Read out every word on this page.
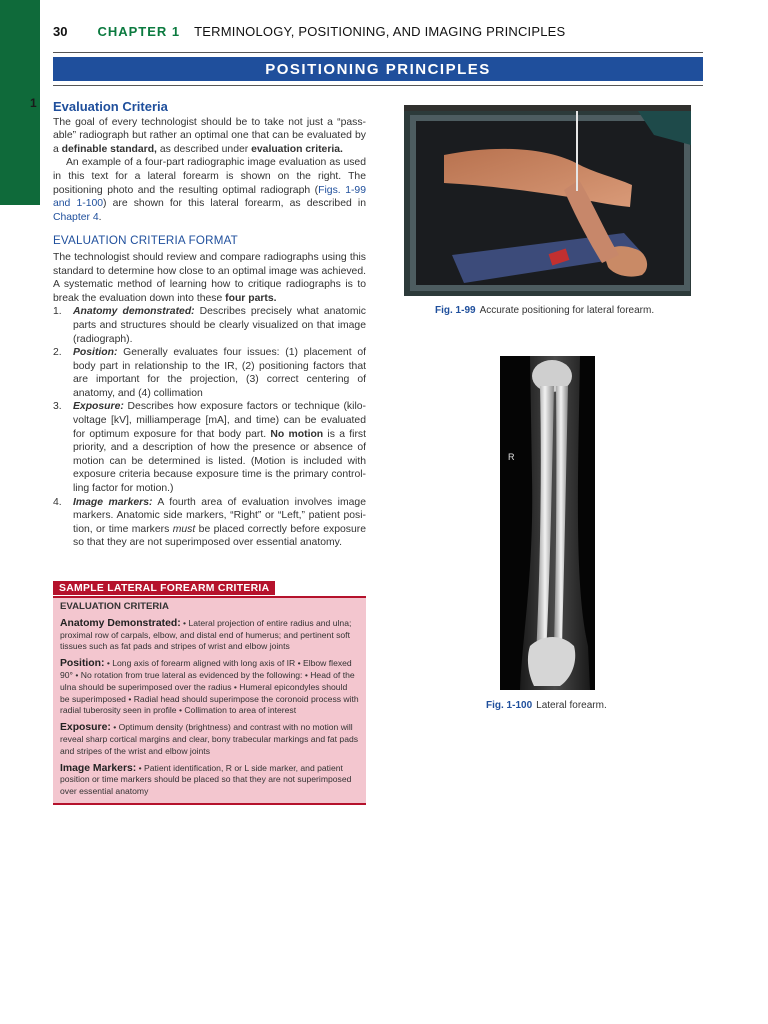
1
30 CHAPTER 1 TERMINOLOGY, POSITIONING, AND IMAGING PRINCIPLES
POSITIONING PRINCIPLES
Evaluation Criteria

The goal of every technologist should be to take not just a “pass-able” radiograph but rather an optimal one that can be evaluated by a definable standard, as described under evaluation criteria.

An example of a four-part radiographic image evaluation as used in this text for a lateral forearm is shown on the right. The positioning photo and the resulting optimal radiograph (Figs. 1-99 and 1-100) are shown for this lateral forearm, as described in Chapter 4.

EVALUATION CRITERIA FORMAT

The technologist should review and compare radiographs using this standard to determine how close to an optimal image was achieved. A systematic method of learning how to critique radiographs is to break the evaluation down into these four parts.

1. Anatomy demonstrated: Describes precisely what anatomic parts and structures should be clearly visualized on that image (radiograph).
2. Position: Generally evaluates four issues: (1) placement of body part in relationship to the IR, (2) positioning factors that are important for the projection, (3) correct centering of anatomy, and (4) collimation
3. Exposure: Describes how exposure factors or technique (kilo-voltage [kV], milliamperage [mA], and time) can be evaluated for optimum exposure for that body part. No motion is a first priority, and a description of how the presence or absence of motion can be determined is listed. (Motion is included with exposure criteria because exposure time is the primary control-ling factor for motion.)
4. Image markers: A fourth area of evaluation involves image markers. Anatomic side markers, “Right” or “Left,” patient posi-tion, or time markers must be placed correctly before exposure so that they are not superimposed over essential anatomy.
SAMPLE LATERAL FOREARM CRITERIA
EVALUATION CRITERIA
Anatomy Demonstrated: • Lateral projection of entire radius and ulna; proximal row of carpals, elbow, and distal end of humerus; and pertinent soft tissues such as fat pads and stripes of wrist and elbow joints
Position: • Long axis of forearm aligned with long axis of IR • Elbow flexed 90° • No rotation from true lateral as evidenced by the following: • Head of the ulna should be superimposed over the radius • Humeral epicondyles should be superimposed • Radial head should superimpose the coronoid process with radial tuberosity seen in profile • Collimation to area of interest
Exposure: • Optimum density (brightness) and contrast with no motion will reveal sharp cortical margins and clear, bony trabecular markings and fat pads and stripes of the wrist and elbow joints
Image Markers: • Patient identification, R or L side marker, and patient position or time markers should be placed so that they are not superimposed over essential anatomy
Fig. 1-99 Accurate positioning for lateral forearm.
R
Fig. 1-100 Lateral forearm.
